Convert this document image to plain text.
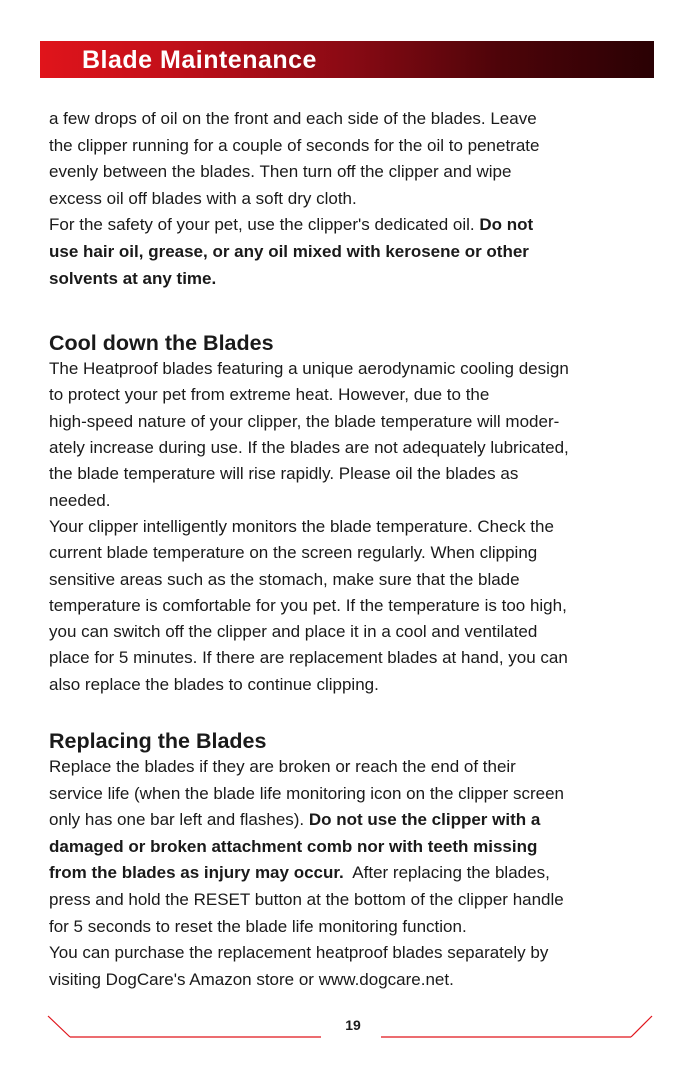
Blade Maintenance
a few drops of oil on the front and each side of the blades. Leave
the clipper running for a couple of seconds for the oil to penetrate
evenly between the blades. Then turn off the clipper and wipe
excess oil off blades with a soft dry cloth.
For the safety of your pet, use the clipper's dedicated oil. Do not
use hair oil, grease, or any oil mixed with kerosene or other
solvents at any time.
Cool down the Blades
The Heatproof blades featuring a unique aerodynamic cooling design
to protect your pet from extreme heat. However, due to the
high-speed nature of your clipper, the blade temperature will moder-
ately increase during use. If the blades are not adequately lubricated,
the blade temperature will rise rapidly. Please oil the blades as
needed.
Your clipper intelligently monitors the blade temperature. Check the
current blade temperature on the screen regularly. When clipping
sensitive areas such as the stomach, make sure that the blade
temperature is comfortable for you pet. If the temperature is too high,
you can switch off the clipper and place it in a cool and ventilated
place for 5 minutes. If there are replacement blades at hand, you can
also replace the blades to continue clipping.
Replacing the Blades
Replace the blades if they are broken or reach the end of their
service life (when the blade life monitoring icon on the clipper screen
only has one bar left and flashes). Do not use the clipper with a
damaged or broken attachment comb nor with teeth missing
from the blades as injury may occur.  After replacing the blades,
press and hold the RESET button at the bottom of the clipper handle
for 5 seconds to reset the blade life monitoring function.
You can purchase the replacement heatproof blades separately by
visiting DogCare's Amazon store or www.dogcare.net.
19
